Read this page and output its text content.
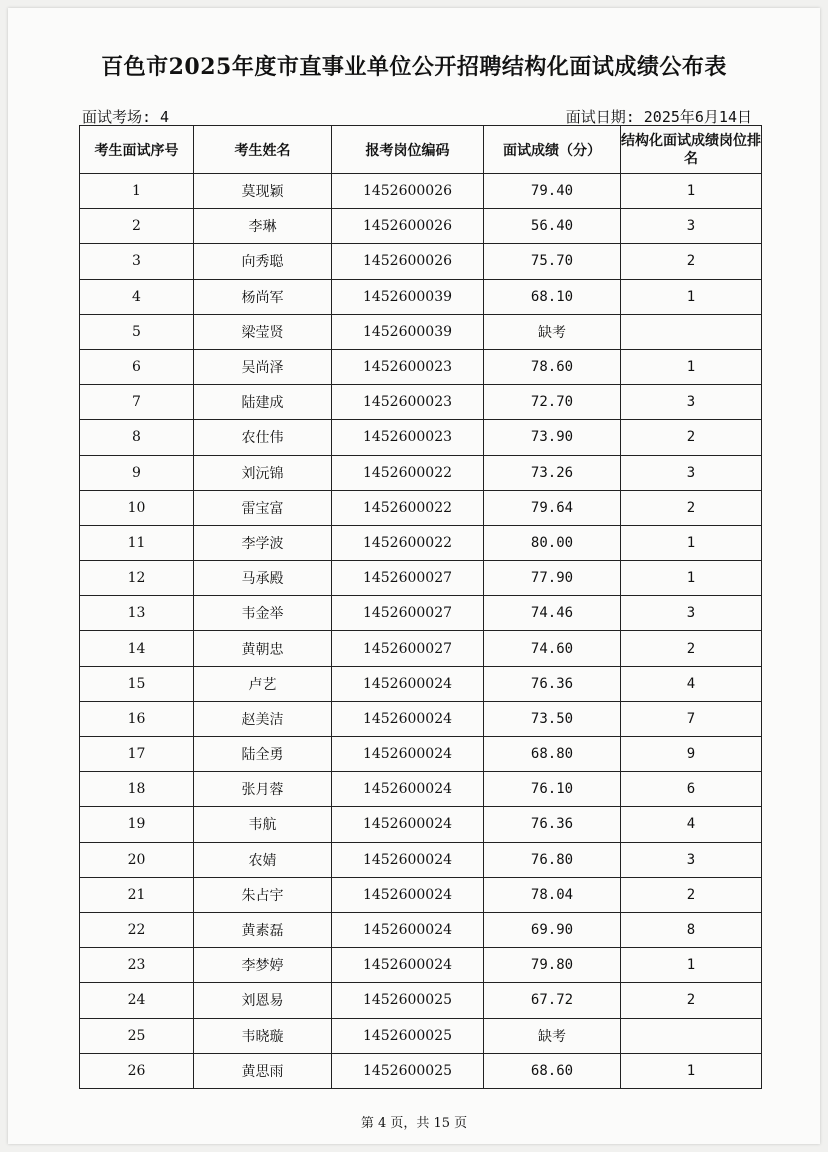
百色市2025年度市直事业单位公开招聘结构化面试成绩公布表
面试考场: 4	面试日期: 2025年6月14日
考生面试序号	考生姓名	报考岗位编码	面试成绩（分）	结构化面试成绩岗位排名
1	莫现颖	1452600026	79.40	1
2	李琳	1452600026	56.40	3
3	向秀聪	1452600026	75.70	2
4	杨尚军	1452600039	68.10	1
5	梁莹贤	1452600039	缺考	
6	吴尚泽	1452600023	78.60	1
7	陆建成	1452600023	72.70	3
8	农仕伟	1452600023	73.90	2
9	刘沅锦	1452600022	73.26	3
10	雷宝富	1452600022	79.64	2
11	李学波	1452600022	80.00	1
12	马承殿	1452600027	77.90	1
13	韦金举	1452600027	74.46	3
14	黄朝忠	1452600027	74.60	2
15	卢艺	1452600024	76.36	4
16	赵美洁	1452600024	73.50	7
17	陆全勇	1452600024	68.80	9
18	张月蓉	1452600024	76.10	6
19	韦航	1452600024	76.36	4
20	农婧	1452600024	76.80	3
21	朱占宇	1452600024	78.04	2
22	黄素磊	1452600024	69.90	8
23	李梦婷	1452600024	79.80	1
24	刘恩易	1452600025	67.72	2
25	韦晓璇	1452600025	缺考	
26	黄思雨	1452600025	68.60	1
第 4 页，共 15 页
